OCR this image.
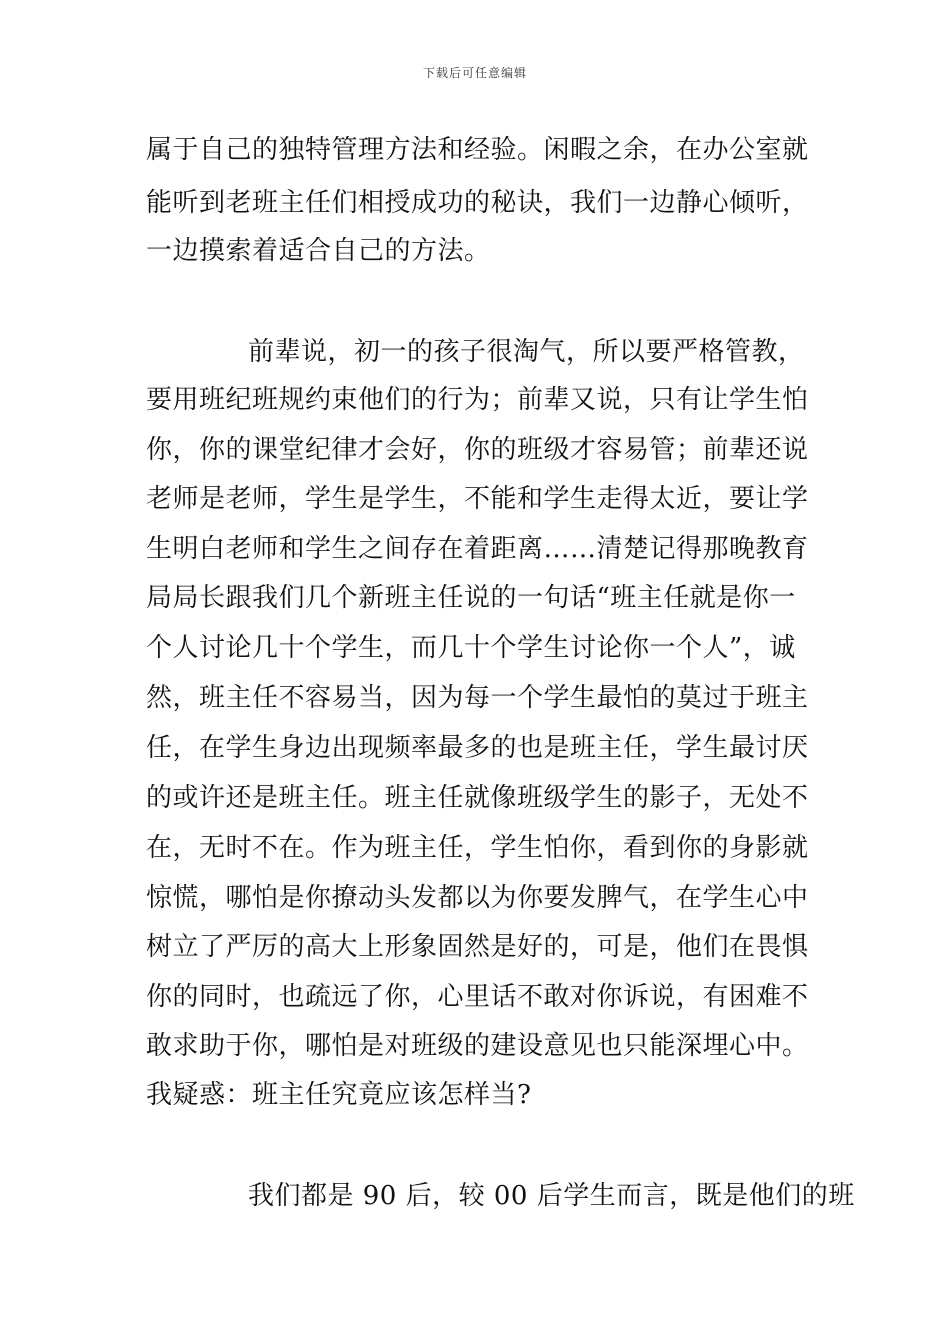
下载后可任意编辑
属于自己的独特管理方法和经验。闲暇之余，在办公室就
能听到老班主任们相授成功的秘诀，我们一边静心倾听，
一边摸索着适合自己的方法。
前辈说，初一的孩子很淘气，所以要严格管教，
要用班纪班规约束他们的行为；前辈又说，只有让学生怕
你，你的课堂纪律才会好，你的班级才容易管；前辈还说
老师是老师，学生是学生，不能和学生走得太近，要让学
生明白老师和学生之间存在着距离……清楚记得那晚教育
局局长跟我们几个新班主任说的一句话“班主任就是你一
个人讨论几十个学生，而几十个学生讨论你一个人”，诚
然，班主任不容易当，因为每一个学生最怕的莫过于班主
任，在学生身边出现频率最多的也是班主任，学生最讨厌
的或许还是班主任。班主任就像班级学生的影子，无处不
在，无时不在。作为班主任，学生怕你，看到你的身影就
惊慌，哪怕是你撩动头发都以为你要发脾气，在学生心中
树立了严厉的高大上形象固然是好的，可是，他们在畏惧
你的同时，也疏远了你，心里话不敢对你诉说，有困难不
敢求助于你，哪怕是对班级的建设意见也只能深埋心中。
我疑惑：班主任究竟应该怎样当?
我们都是 90 后，较 00 后学生而言，既是他们的班
